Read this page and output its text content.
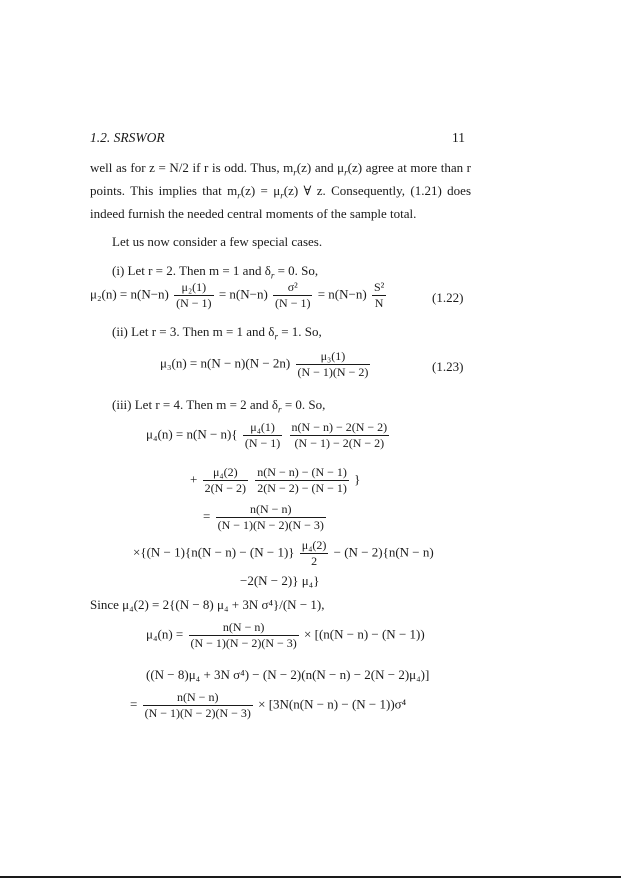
1.2. SRSWOR	11

well as for z = N/2 if r is odd. Thus, $m_r(z)$ and $\mu_r(z)$ agree at more than r points. This implies that $m_r(z) = \mu_r(z)$ ∀ z. Consequently, (1.21) does indeed furnish the needed central moments of the sample total.

Let us now consider a few special cases.
(i) Let r = 2. Then m = 1 and $\delta_r = 0$. So,
$\mu_2(n) = n(N-n) \frac{\text{μ₂(1)}}{(N - 1)} = n(N-n) \frac{\text{σ²}}{(N - 1)} = n(N-n) \frac{\text{S²}}{N}$	(1.22)
(ii) Let r = 3. Then m = 1 and $\delta_r = 1$. So,
$\mu_3(n) = n(N - n)(N - 2n) \frac{\text{μ₃(1)}}{(N - 1)(N - 2)}$	(1.23)
(iii) Let r = 4. Then m = 2 and $\delta_r = 0$. So,
$\mu_4(n) = n(N - n)\{ \frac{\text{μ₄(1)}}{(N - 1)}$
$\frac{n(N - n) - 2(N - 2)}{(N - 1) - 2(N - 2)}$
+ $\frac{\text{μ₄(2)}}{2(N - 2)}$
$\frac{n(N - n) - (N - 1)}{2(N - 2) - (N - 1)}$ }
= $\frac{n(N - n)}{(N - 1)(N - 2)(N - 3)}$
$\times\{(N - 1)\{n(N - n) - (N - 1)\} \frac{\text{μ₄(2)}}{2} - (N - 2)\{n(N - n)$
−2(N − 2)} μ₄}
Since μ₄(2) = 2{(N − 8) μ₄ + 3N σ⁴}/(N − 1),
$\mu_4(n) = \frac{n(N - n)}{(N - 1)(N - 2)(N - 3)} \times [(n(N - n) - (N - 1))$
((N − 8)μ₄ + 3N σ⁴) − (N − 2)(n(N − n) − 2(N − 2)μ₄)]
= $\frac{n(N - n)}{(N - 1)(N - 2)(N - 3)} \times [3N(n(N - n) - (N - 1))\sigma^4$
